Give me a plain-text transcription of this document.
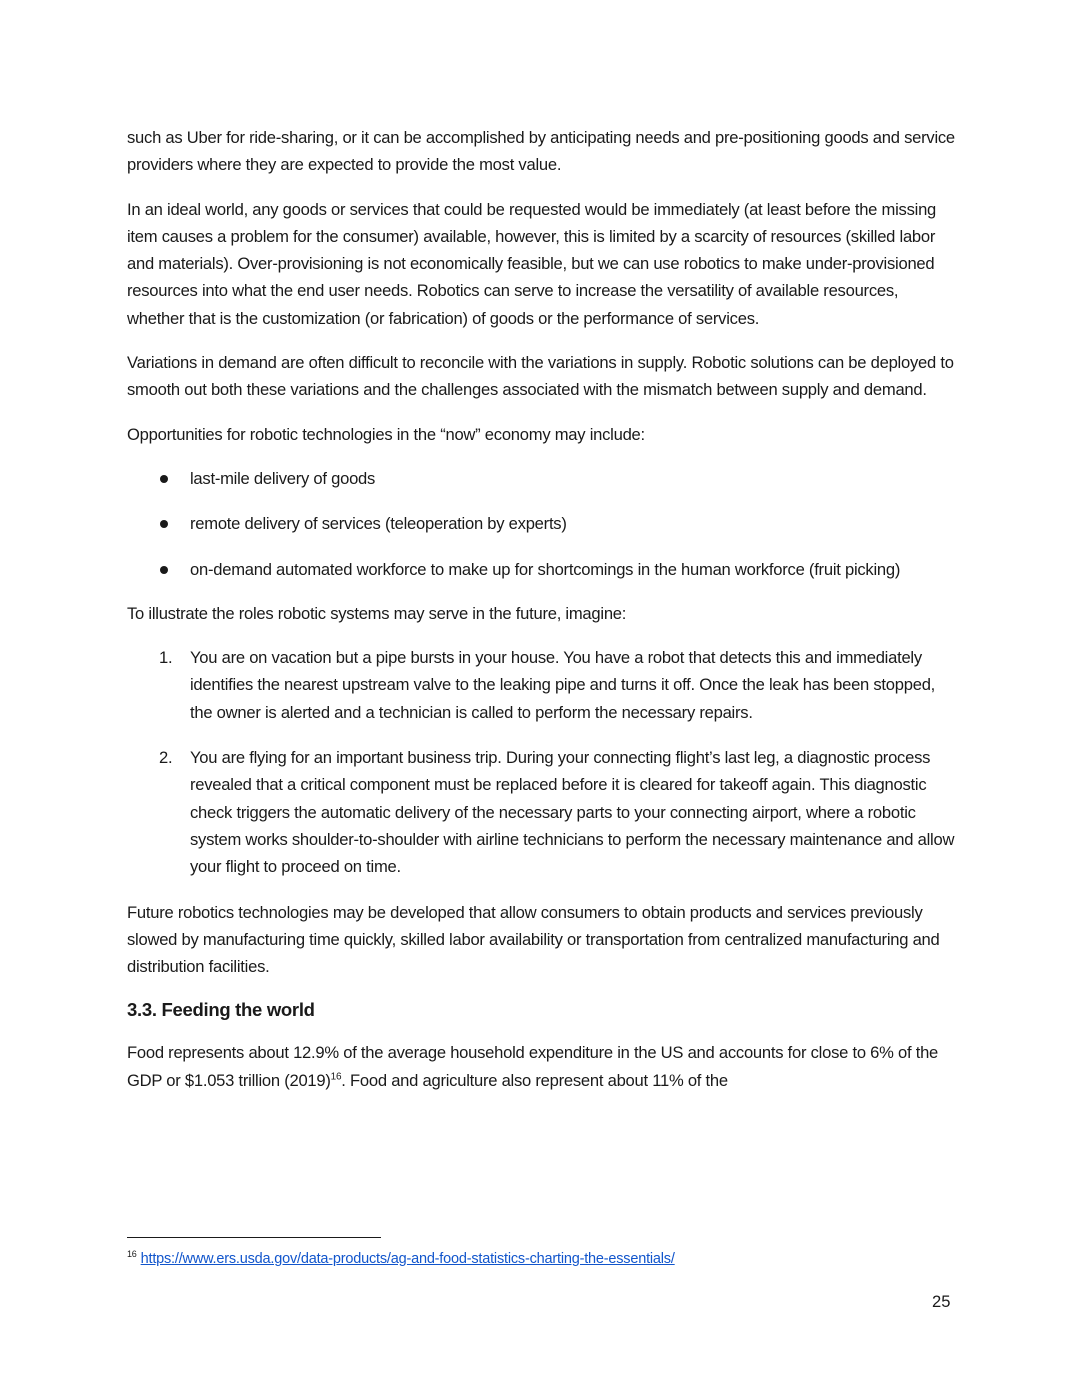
such as Uber for ride-sharing, or it can be accomplished by anticipating needs and pre-positioning goods and service providers where they are expected to provide the most value.

In an ideal world, any goods or services that could be requested would be immediately (at least before the missing item causes a problem for the consumer) available, however, this is limited by a scarcity of resources (skilled labor and materials). Over-provisioning is not economically feasible, but we can use robotics to make under-provisioned resources into what the end user needs. Robotics can serve to increase the versatility of available resources, whether that is the customization (or fabrication) of goods or the performance of services.

Variations in demand are often difficult to reconcile with the variations in supply. Robotic solutions can be deployed to smooth out both these variations and the challenges associated with the mismatch between supply and demand.

Opportunities for robotic technologies in the “now” economy may include:

last-mile delivery of goods
remote delivery of services (teleoperation by experts)
on-demand automated workforce to make up for shortcomings in the human workforce (fruit picking)

To illustrate the roles robotic systems may serve in the future, imagine:

1. You are on vacation but a pipe bursts in your house. You have a robot that detects this and immediately identifies the nearest upstream valve to the leaking pipe and turns it off. Once the leak has been stopped, the owner is alerted and a technician is called to perform the necessary repairs.
2. You are flying for an important business trip. During your connecting flight’s last leg, a diagnostic process revealed that a critical component must be replaced before it is cleared for takeoff again. This diagnostic check triggers the automatic delivery of the necessary parts to your connecting airport, where a robotic system works shoulder-to-shoulder with airline technicians to perform the necessary maintenance and allow your flight to proceed on time.

Future robotics technologies may be developed that allow consumers to obtain products and services previously slowed by manufacturing time quickly, skilled labor availability or transportation from centralized manufacturing and distribution facilities.

3.3. Feeding the world

Food represents about 12.9% of the average household expenditure in the US and accounts for close to 6% of the GDP or $1.053 trillion $(2019)^{16}$. Food and agriculture also represent about 11% of the

$^{16}$ https://www.ers.usda.gov/data-products/ag-and-food-statistics-charting-the-essentials/
25
